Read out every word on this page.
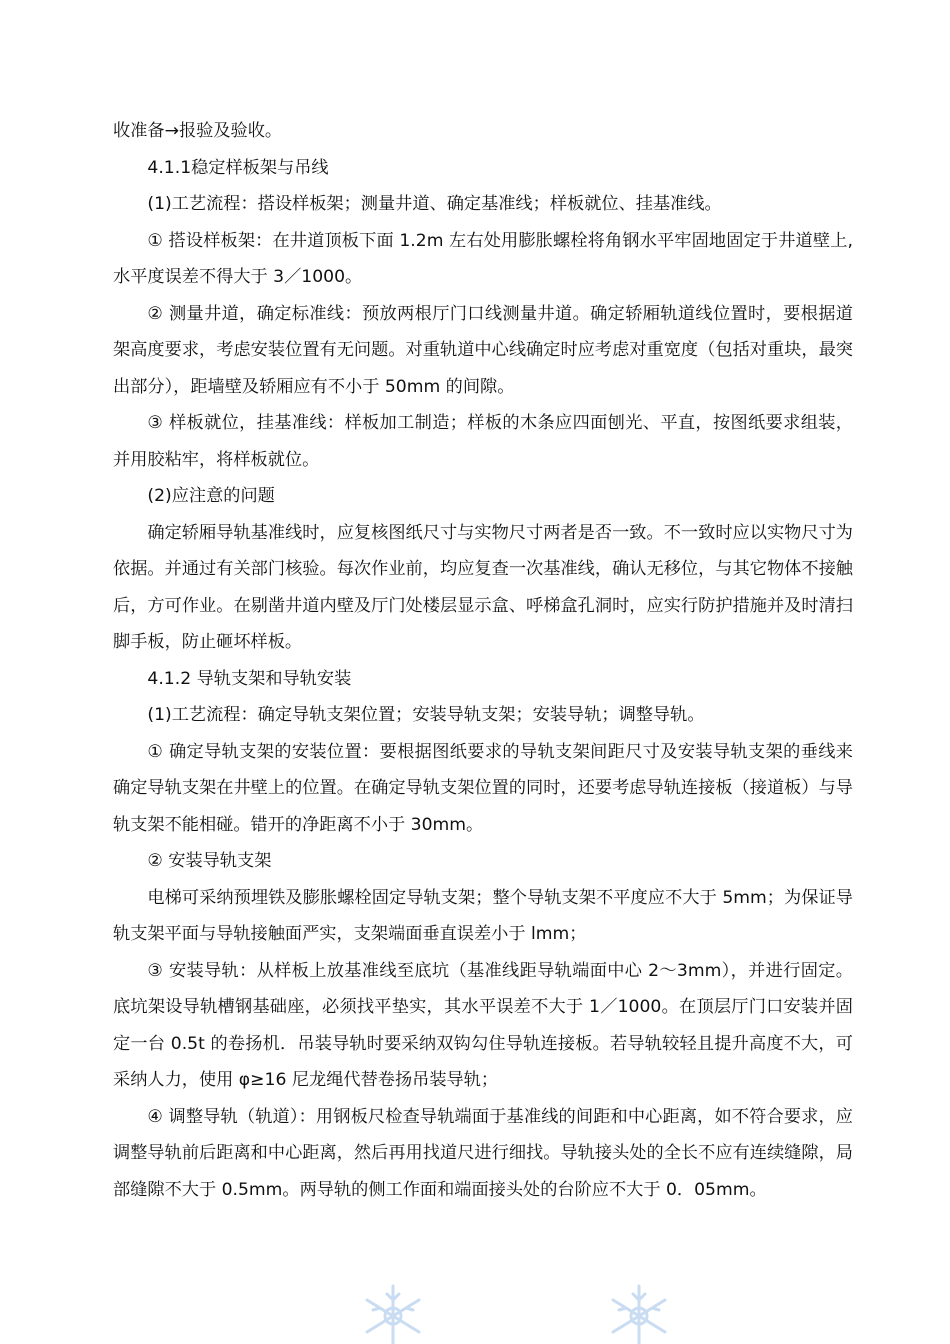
收准备→报验及验收。

4.1.1稳定样板架与吊线

(1)工艺流程：搭设样板架；测量井道、确定基准线；样板就位、挂基准线。

① 搭设样板架：在井道顶板下面 1.2m 左右处用膨胀螺栓将角钢水平牢固地固定于井道壁上,水平度误差不得大于 3／1000。

② 测量井道，确定标准线：预放两根厅门口线测量井道。确定轿厢轨道线位置时，要根据道架高度要求，考虑安装位置有无问题。对重轨道中心线确定时应考虑对重宽度（包括对重块，最突出部分），距墙壁及轿厢应有不小于 50mm 的间隙。

③ 样板就位，挂基准线：样板加工制造；样板的木条应四面刨光、平直，按图纸要求组装，并用胶粘牢，将样板就位。

(2)应注意的问题

确定轿厢导轨基准线时，应复核图纸尺寸与实物尺寸两者是否一致。不一致时应以实物尺寸为依据。并通过有关部门核验。每次作业前，均应复查一次基准线，确认无移位，与其它物体不接触后，方可作业。在剔凿井道内壁及厅门处楼层显示盒、呼梯盒孔洞时，应实行防护措施并及时清扫脚手板，防止砸坏样板。

4.1.2 导轨支架和导轨安装

(1)工艺流程：确定导轨支架位置；安装导轨支架；安装导轨；调整导轨。

① 确定导轨支架的安装位置：要根据图纸要求的导轨支架间距尺寸及安装导轨支架的垂线来确定导轨支架在井壁上的位置。在确定导轨支架位置的同时，还要考虑导轨连接板（接道板）与导轨支架不能相碰。错开的净距离不小于 30mm。

② 安装导轨支架

电梯可采纳预埋铁及膨胀螺栓固定导轨支架；整个导轨支架不平度应不大于 5mm；为保证导轨支架平面与导轨接触面严实，支架端面垂直误差小于 lmm；

③ 安装导轨：从样板上放基准线至底坑（基准线距导轨端面中心 2～3mm），并进行固定。底坑架设导轨槽钢基础座，必须找平垫实，其水平误差不大于 1／1000。在顶层厅门口安装并固定一台 0.5t 的卷扬机．吊装导轨时要采纳双钩勾住导轨连接板。若导轨较轻且提升高度不大，可采纳人力，使用 φ≥16 尼龙绳代替卷扬吊装导轨；

④ 调整导轨（轨道）：用钢板尺检查导轨端面于基准线的间距和中心距离，如不符合要求，应调整导轨前后距离和中心距离，然后再用找道尺进行细找。导轨接头处的全长不应有连续缝隙，局部缝隙不大于 0.5mm。两导轨的侧工作面和端面接头处的台阶应不大于 0．05mm。
